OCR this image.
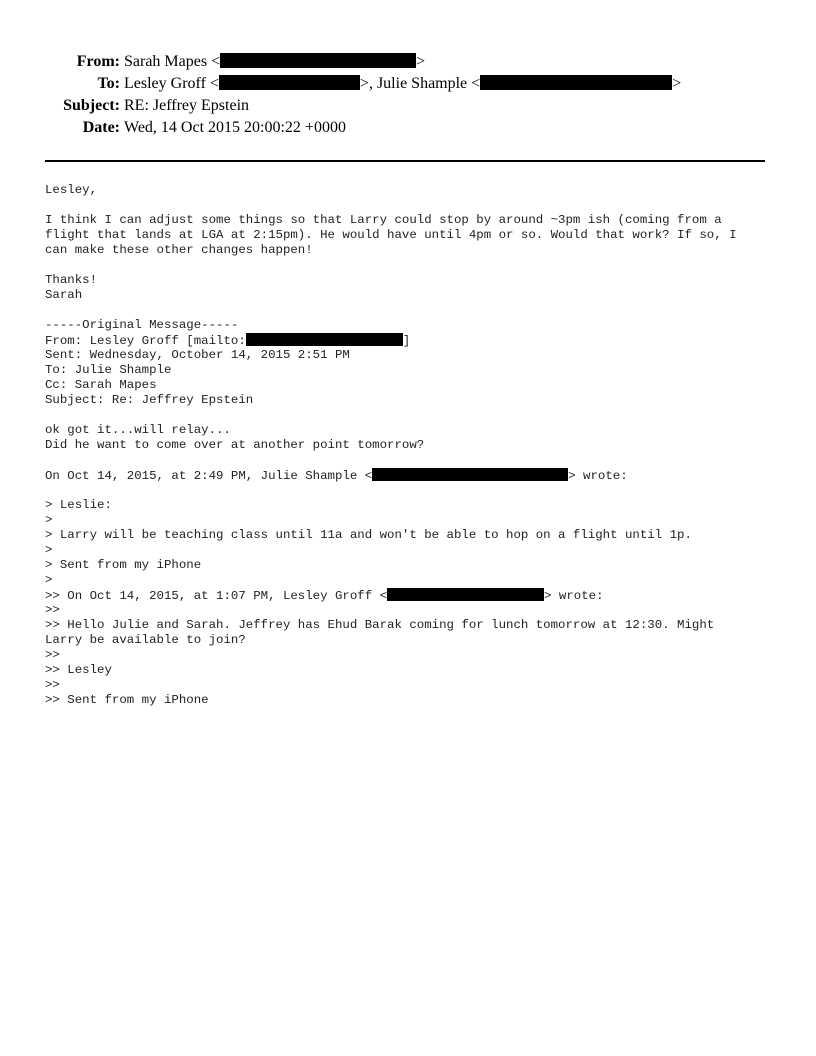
From: Sarah Mapes <	>
To: Lesley Groff <	>, Julie Shample <	>
Subject: RE: Jeffrey Epstein
Date: Wed, 14 Oct 2015 20:00:22 +0000
Lesley,
I think I can adjust some things so that Larry could stop by around ~3pm ish (coming from a
flight that lands at LGA at 2:15pm). He would have until 4pm or so. Would that work? If so, I
can make these other changes happen!
Thanks!
Sarah
-----Original Message-----
From: Lesley Groff [mailto:	]
Sent: Wednesday, October 14, 2015 2:51 PM
To: Julie Shample
Cc: Sarah Mapes
Subject: Re: Jeffrey Epstein
ok got it...will relay...
Did he want to come over at another point tomorrow?
On Oct 14, 2015, at 2:49 PM, Julie Shample <	> wrote:
> Leslie:
>
> Larry will be teaching class until 11a and won't be able to hop on a flight until 1p.
>
> Sent from my iPhone
>
>> On Oct 14, 2015, at 1:07 PM, Lesley Groff <	> wrote:
>>
>> Hello Julie and Sarah. Jeffrey has Ehud Barak coming for lunch tomorrow at 12:30. Might
Larry be available to join?
>>
>> Lesley
>>
>> Sent from my iPhone
